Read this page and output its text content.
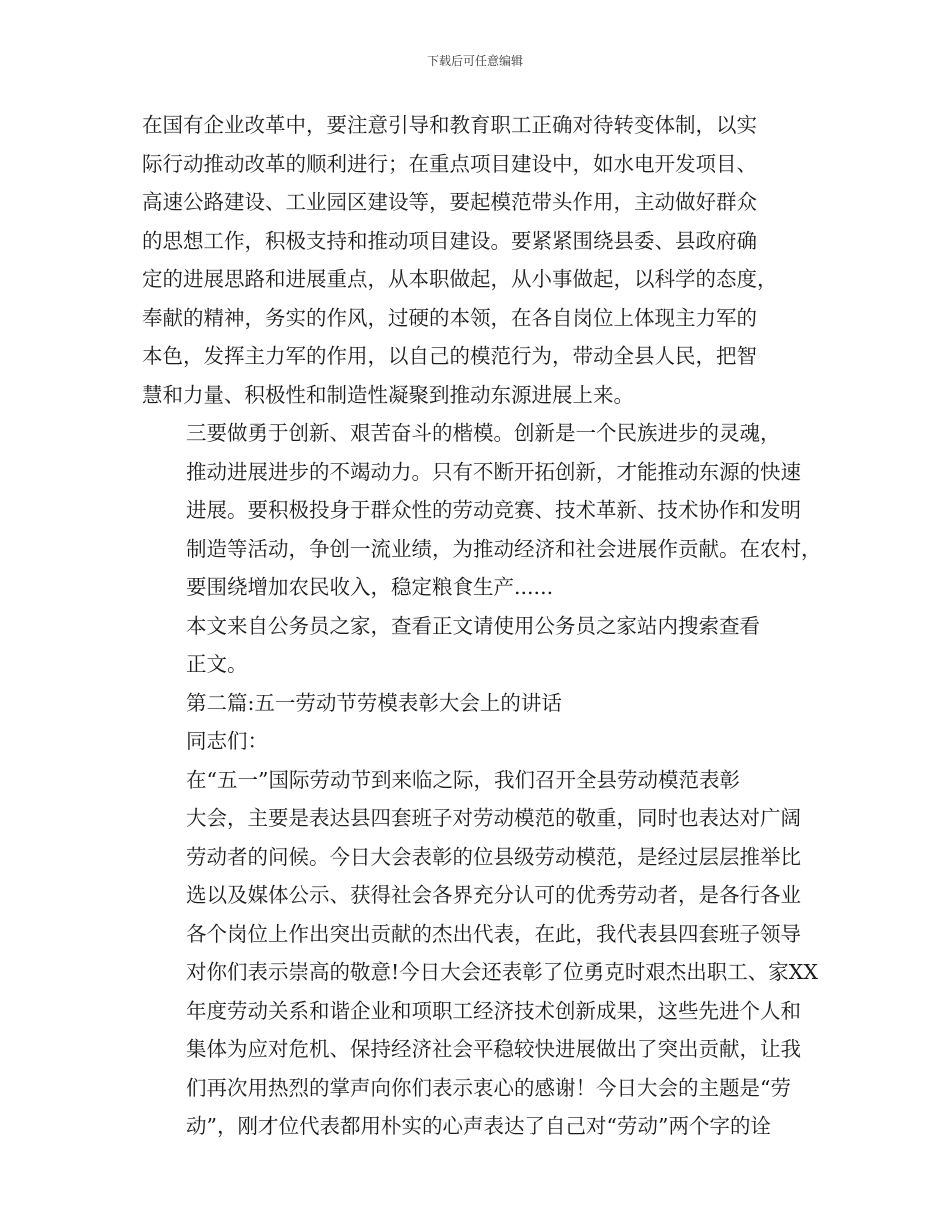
下载后可任意编辑

在国有企业改革中，要注意引导和教育职工正确对待转变体制，以实
际行动推动改革的顺利进行；在重点项目建设中，如水电开发项目、
高速公路建设、工业园区建设等，要起模范带头作用，主动做好群众
的思想工作，积极支持和推动项目建设。要紧紧围绕县委、县政府确
定的进展思路和进展重点，从本职做起，从小事做起，以科学的态度，
奉献的精神，务实的作风，过硬的本领，在各自岗位上体现主力军的
本色，发挥主力军的作用，以自己的模范行为，带动全县人民，把智
慧和力量、积极性和制造性凝聚到推动东源进展上来。

三要做勇于创新、艰苦奋斗的楷模。创新是一个民族进步的灵魂，
推动进展进步的不竭动力。只有不断开拓创新，才能推动东源的快速
进展。要积极投身于群众性的劳动竞赛、技术革新、技术协作和发明
制造等活动，争创一流业绩，为推动经济和社会进展作贡献。在农村，
要围绕增加农民收入，稳定粮食生产......

本文来自公务员之家，查看正文请使用公务员之家站内搜索查看
正文。

第二篇:五一劳动节劳模表彰大会上的讲话

同志们：

在“五一”国际劳动节到来临之际，我们召开全县劳动模范表彰
大会，主要是表达县四套班子对劳动模范的敬重，同时也表达对广阔
劳动者的问候。今日大会表彰的位县级劳动模范，是经过层层推举比
选以及媒体公示、获得社会各界充分认可的优秀劳动者，是各行各业
各个岗位上作出突出贡献的杰出代表，在此，我代表县四套班子领导
对你们表示崇高的敬意!今日大会还表彰了位勇克时艰杰出职工、家XX
年度劳动关系和谐企业和项职工经济技术创新成果，这些先进个人和
集体为应对危机、保持经济社会平稳较快进展做出了突出贡献，让我
们再次用热烈的掌声向你们表示衷心的感谢！今日大会的主题是“劳
动”，刚才位代表都用朴实的心声表达了自己对“劳动”两个字的诠
